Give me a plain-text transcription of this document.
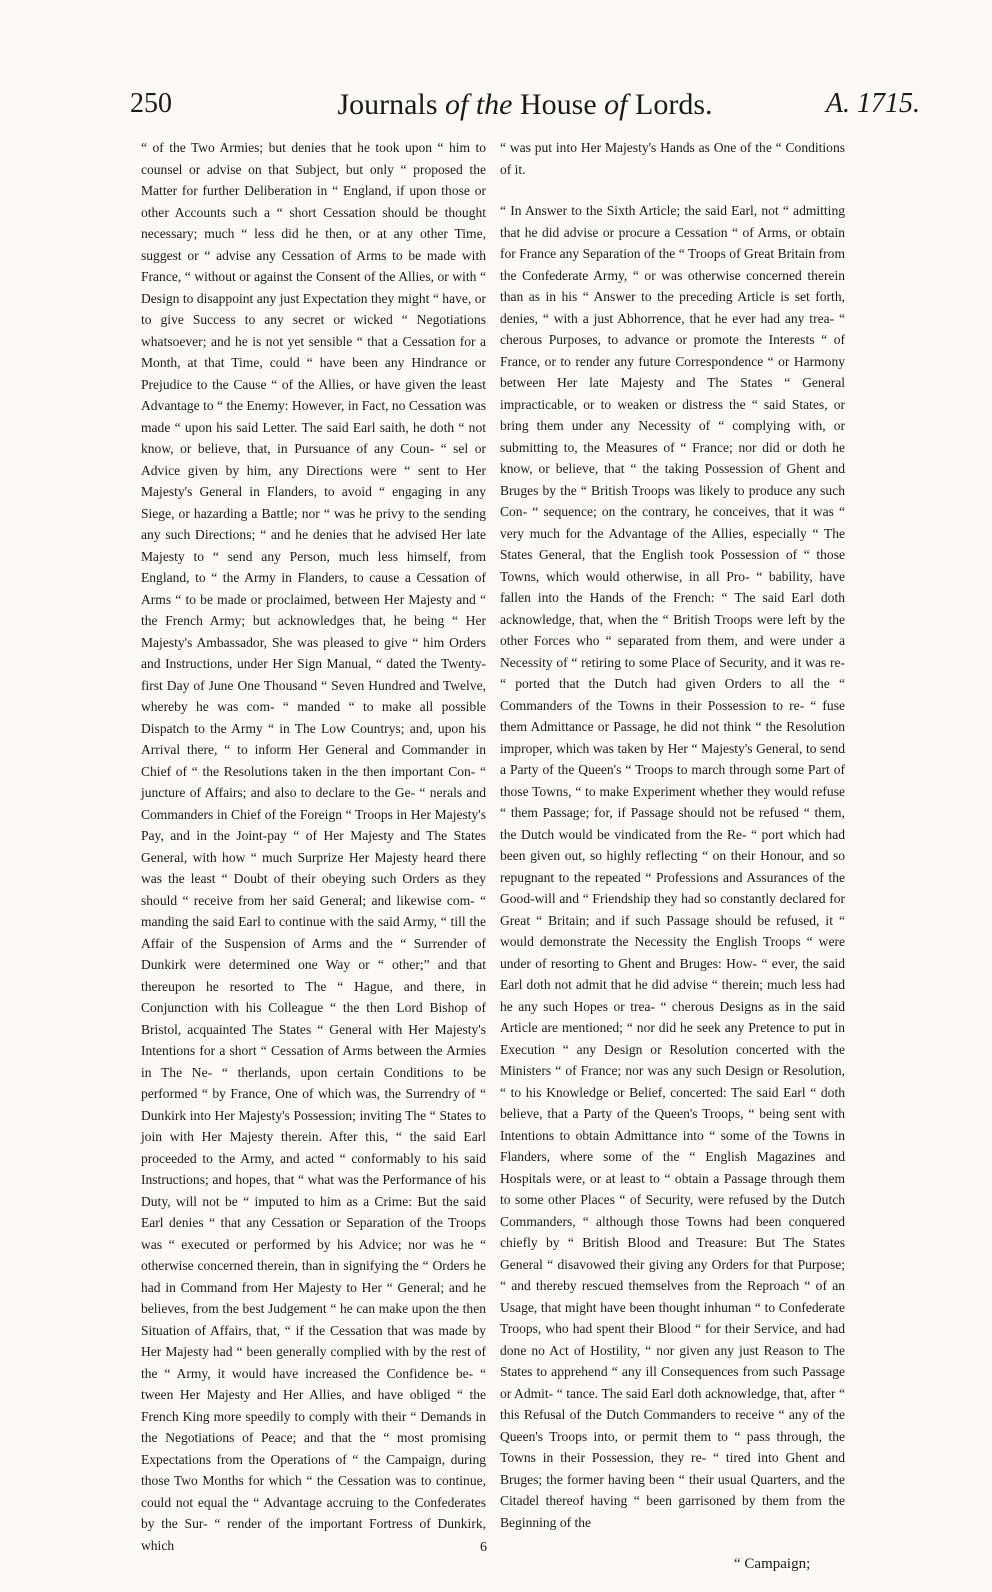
250	Journals of the House of Lords.	A. 1715.

“ of the Two Armies; but denies that he took upon “ him to counsel or advise on that Subject, but only “ proposed the Matter for further Deliberation in “ England, if upon those or other Accounts such a “ short Cessation should be thought necessary; much “ less did he then, or at any other Time, suggest or “ advise any Cessation of Arms to be made with France, “ without or against the Consent of the Allies, or with “ Design to disappoint any just Expectation they might “ have, or to give Success to any secret or wicked “ Negotiations whatsoever; and he is not yet sensible “ that a Cessation for a Month, at that Time, could “ have been any Hindrance or Prejudice to the Cause “ of the Allies, or have given the least Advantage to “ the Enemy: However, in Fact, no Cessation was made “ upon his said Letter. The said Earl saith, he doth “ not know, or believe, that, in Pursuance of any Coun- “ sel or Advice given by him, any Directions were “ sent to Her Majesty's General in Flanders, to avoid “ engaging in any Siege, or hazarding a Battle; nor “ was he privy to the sending any such Directions; “ and he denies that he advised Her late Majesty to “ send any Person, much less himself, from England, to “ the Army in Flanders, to cause a Cessation of Arms “ to be made or proclaimed, between Her Majesty and “ the French Army; but acknowledges that, he being “ Her Majesty's Ambassador, She was pleased to give “ him Orders and Instructions, under Her Sign Manual, “ dated the Twenty-first Day of June One Thousand “ Seven Hundred and Twelve, whereby he was com- “ manded “ to make all possible Dispatch to the Army “ in The Low Countrys; and, upon his Arrival there, “ to inform Her General and Commander in Chief of “ the Resolutions taken in the then important Con- “ juncture of Affairs; and also to declare to the Ge- “ nerals and Commanders in Chief of the Foreign “ Troops in Her Majesty's Pay, and in the Joint-pay “ of Her Majesty and The States General, with how “ much Surprize Her Majesty heard there was the least “ Doubt of their obeying such Orders as they should “ receive from her said General; and likewise com- “ manding the said Earl to continue with the said Army, “ till the Affair of the Suspension of Arms and the “ Surrender of Dunkirk were determined one Way or “ other;” and that thereupon he resorted to The “ Hague, and there, in Conjunction with his Colleague “ the then Lord Bishop of Bristol, acquainted The States “ General with Her Majesty's Intentions for a short “ Cessation of Arms between the Armies in The Ne- “ therlands, upon certain Conditions to be performed “ by France, One of which was, the Surrendry of “ Dunkirk into Her Majesty's Possession; inviting The “ States to join with Her Majesty therein. After this, “ the said Earl proceeded to the Army, and acted “ conformably to his said Instructions; and hopes, that “ what was the Performance of his Duty, will not be “ imputed to him as a Crime: But the said Earl denies “ that any Cessation or Separation of the Troops was “ executed or performed by his Advice; nor was he “ otherwise concerned therein, than in signifying the “ Orders he had in Command from Her Majesty to Her “ General; and he believes, from the best Judgement “ he can make upon the then Situation of Affairs, that, “ if the Cessation that was made by Her Majesty had “ been generally complied with by the rest of the “ Army, it would have increased the Confidence be- “ tween Her Majesty and Her Allies, and have obliged “ the French King more speedily to comply with their “ Demands in the Negotiations of Peace; and that the “ most promising Expectations from the Operations of “ the Campaign, during those Two Months for which “ the Cessation was to continue, could not equal the “ Advantage accruing to the Confederates by the Sur- “ render of the important Fortress of Dunkirk, which

“ was put into Her Majesty's Hands as One of the “ Conditions of it.

“ In Answer to the Sixth Article; the said Earl, not “ admitting that he did advise or procure a Cessation “ of Arms, or obtain for France any Separation of the “ Troops of Great Britain from the Confederate Army, “ or was otherwise concerned therein than as in his “ Answer to the preceding Article is set forth, denies, “ with a just Abhorrence, that he ever had any trea- “ cherous Purposes, to advance or promote the Interests “ of France, or to render any future Correspondence “ or Harmony between Her late Majesty and The States “ General impracticable, or to weaken or distress the “ said States, or bring them under any Necessity of “ complying with, or submitting to, the Measures of “ France; nor did or doth he know, or believe, that “ the taking Possession of Ghent and Bruges by the “ British Troops was likely to produce any such Con- “ sequence; on the contrary, he conceives, that it was “ very much for the Advantage of the Allies, especially “ The States General, that the English took Possession of “ those Towns, which would otherwise, in all Pro- “ bability, have fallen into the Hands of the French: “ The said Earl doth acknowledge, that, when the “ British Troops were left by the other Forces who “ separated from them, and were under a Necessity of “ retiring to some Place of Security, and it was re- “ ported that the Dutch had given Orders to all the “ Commanders of the Towns in their Possession to re- “ fuse them Admittance or Passage, he did not think “ the Resolution improper, which was taken by Her “ Majesty's General, to send a Party of the Queen's “ Troops to march through some Part of those Towns, “ to make Experiment whether they would refuse “ them Passage; for, if Passage should not be refused “ them, the Dutch would be vindicated from the Re- “ port which had been given out, so highly reflecting “ on their Honour, and so repugnant to the repeated “ Professions and Assurances of the Good-will and “ Friendship they had so constantly declared for Great “ Britain; and if such Passage should be refused, it “ would demonstrate the Necessity the English Troops “ were under of resorting to Ghent and Bruges: How- “ ever, the said Earl doth not admit that he did advise “ therein; much less had he any such Hopes or trea- “ cherous Designs as in the said Article are mentioned; “ nor did he seek any Pretence to put in Execution “ any Design or Resolution concerted with the Ministers “ of France; nor was any such Design or Resolution, “ to his Knowledge or Belief, concerted: The said Earl “ doth believe, that a Party of the Queen's Troops, “ being sent with Intentions to obtain Admittance into “ some of the Towns in Flanders, where some of the “ English Magazines and Hospitals were, or at least to “ obtain a Passage through them to some other Places “ of Security, were refused by the Dutch Commanders, “ although those Towns had been conquered chiefly by “ British Blood and Treasure: But The States General “ disavowed their giving any Orders for that Purpose; “ and thereby rescued themselves from the Reproach “ of an Usage, that might have been thought inhuman “ to Confederate Troops, who had spent their Blood “ for their Service, and had done no Act of Hostility, “ nor given any just Reason to The States to apprehend “ any ill Consequences from such Passage or Admit- “ tance. The said Earl doth acknowledge, that, after “ this Refusal of the Dutch Commanders to receive “ any of the Queen's Troops into, or permit them to “ pass through, the Towns in their Possession, they re- “ tired into Ghent and Bruges; the former having been “ their usual Quarters, and the Citadel thereof having “ been garrisoned by them from the Beginning of the

6
“ Campaign;
